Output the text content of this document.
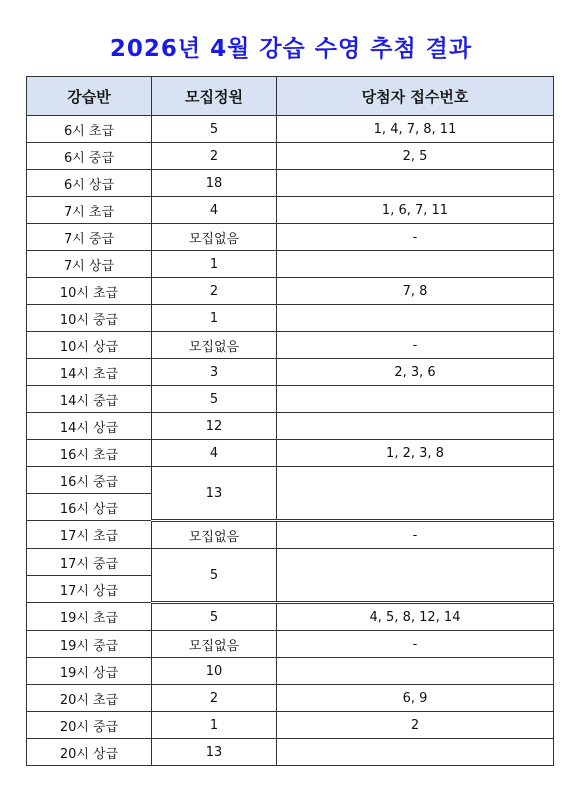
2026년 4월 강습 수영 추첨 결과
강습반	모집정원	당첨자 접수번호
6시 초급	5	1, 4, 7, 8, 11
6시 중급	2	2, 5
6시 상급	18	
7시 초급	4	1, 6, 7, 11
7시 중급	모집없음	-
7시 상급	1	
10시 초급	2	7, 8
10시 중급	1	
10시 상급	모집없음	-
14시 초급	3	2, 3, 6
14시 중급	5	
14시 상급	12	
16시 초급	4	1, 2, 3, 8
16시 중급	13	
16시 상급		
17시 초급	모집없음	-
17시 중급	5	
17시 상급		
19시 초급	5	4, 5, 8, 12, 14
19시 중급	모집없음	-
19시 상급	10	
20시 초급	2	6, 9
20시 중급	1	2
20시 상급	13	
